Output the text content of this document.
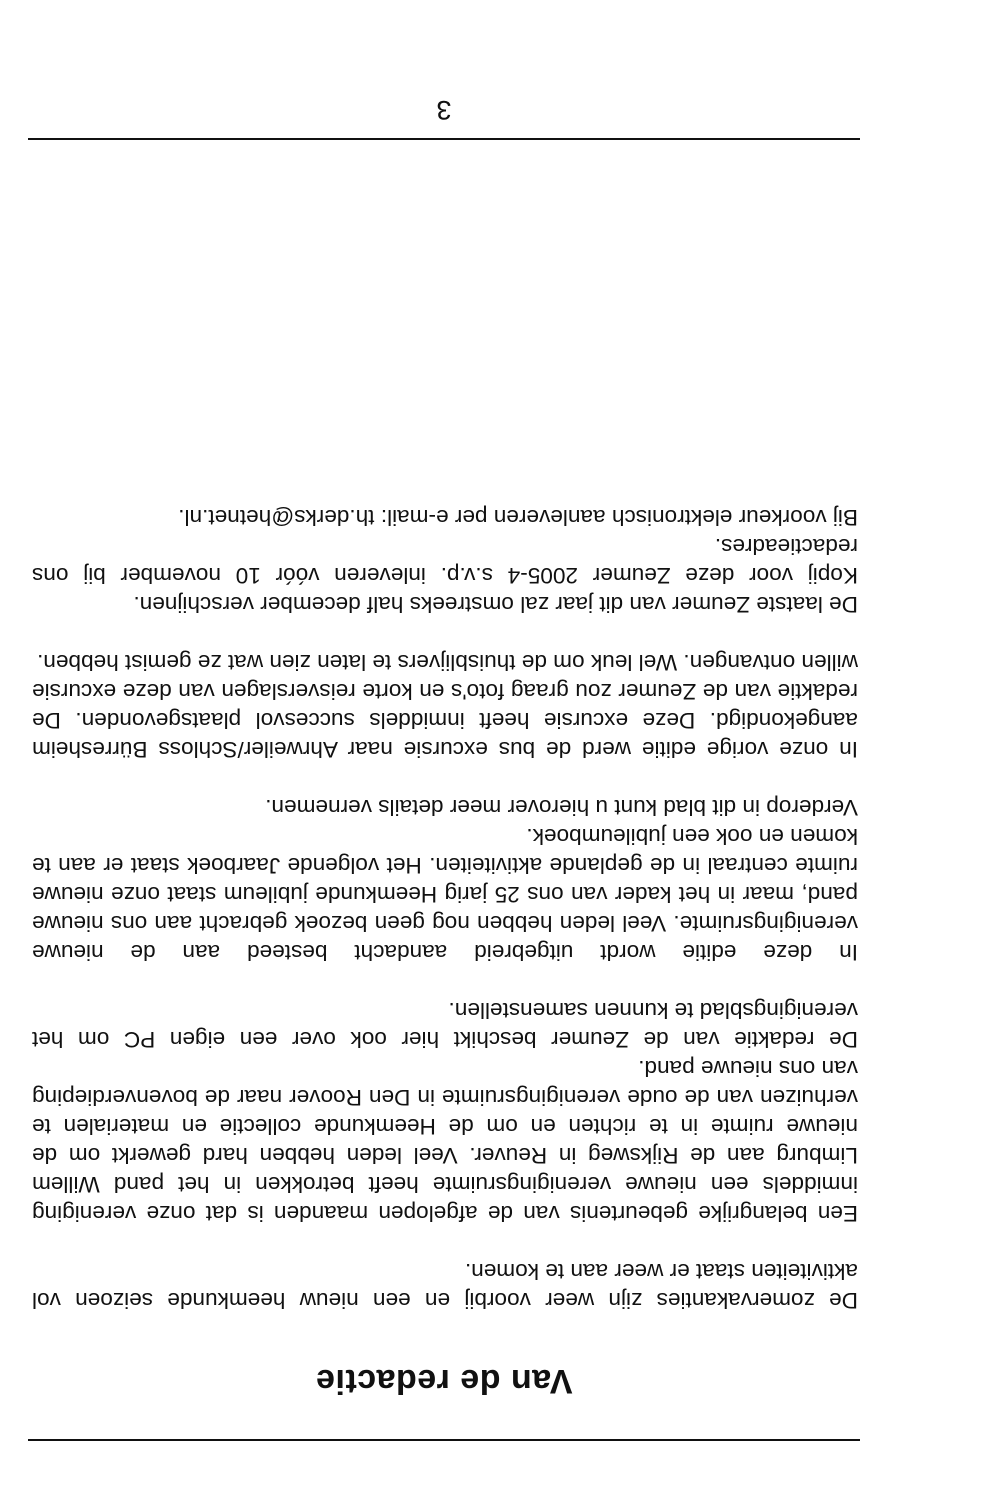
Van de redactie

De zomervakanties zijn weer voorbij en een nieuw heemkunde seizoen vol aktiviteiten staat er weer aan te komen.

Een belangrijke gebeurtenis van de afgelopen maanden is dat onze vereniging inmiddels een nieuwe verenigingsruimte heeft betrokken in het pand Willem Limburg aan de Rijksweg in Reuver. Veel leden hebben hard gewerkt om de nieuwe ruimte in te richten en om de Heemkunde collectie en materialen te verhuizen van de oude verenigingsruimte in Den Roover naar de bovenverdieping van ons nieuwe pand.

De redaktie van de Zeumer beschikt hier ook over een eigen PC om het verenigingsblad te kunnen samenstellen.

In deze editie wordt uitgebreid aandacht besteed aan de nieuwe verenigingsruimte. Veel leden hebben nog geen bezoek gebracht aan ons nieuwe pand, maar in het kader van ons 25 jarig Heemkunde jubileum staat onze nieuwe ruimte centraal in de geplande aktiviteiten. Het volgende Jaarboek staat er aan te komen en ook een jubileumboek.

Verderop in dit blad kunt u hierover meer details vernemen.

In onze vorige editie werd de bus excursie naar Ahrweiler/Schloss Bürresheim aangekondigd. Deze excursie heeft inmiddels succesvol plaatsgevonden. De redaktie van de Zeumer zou graag foto's en korte reisverslagen van deze excursie willen ontvangen. Wel leuk om de thuisblijvers te laten zien wat ze gemist hebben.

De laatste Zeumer van dit jaar zal omstreeks half december verschijnen.

Kopij voor deze Zeumer 2005-4 s.v.p. inleveren vóór 10 november bij ons redactieadres.

Bij voorkeur elektronisch aanleveren per e-mail: th.derks@hetnet.nl.

3
